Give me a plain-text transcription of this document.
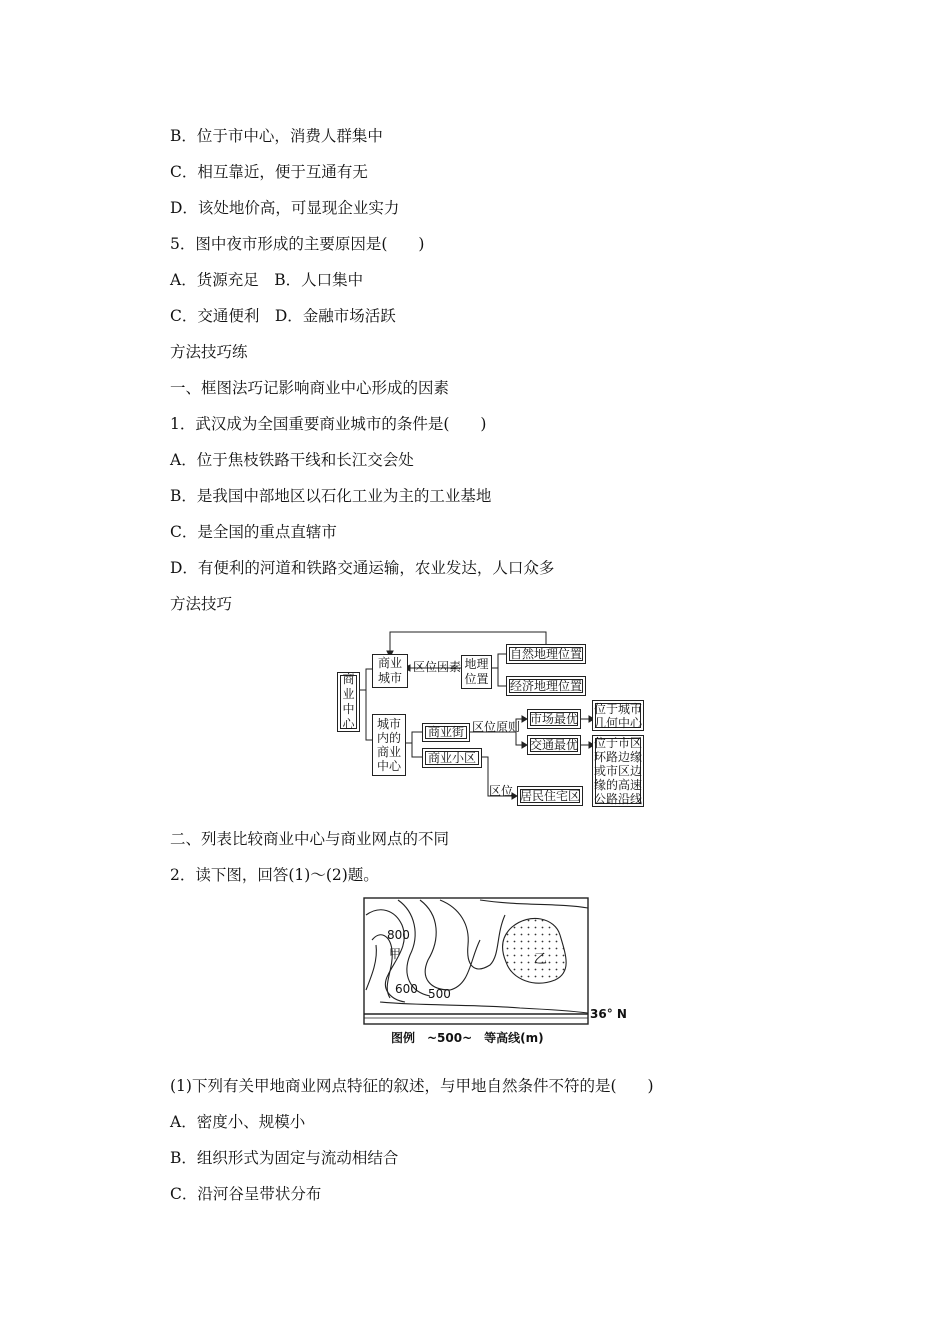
B．位于市中心，消费人群集中
C．相互靠近，便于互通有无
D．该处地价高，可显现企业实力
5．图中夜市形成的主要原因是(　　)
A．货源充足　B．人口集中
C．交通便利　D．金融市场活跃
方法技巧练
一、框图法巧记影响商业中心形成的因素
1．武汉成为全国重要商业城市的条件是(　　)
A．位于焦枝铁路干线和长江交会处
B．是我国中部地区以石化工业为主的工业基地
C．是全国的重点直辖市
D．有便利的河道和铁路交通运输，农业发达，人口众多
方法技巧
二、列表比较商业中心与商业网点的不同
2．读下图，回答(1)～(2)题。
(1)下列有关甲地商业网点特征的叙述，与甲地自然条件不符的是(　　)
A．密度小、规模小
B．组织形式为固定与流动相结合
C．沿河谷呈带状分布
商
业
中
心
商业
城市
区位因素 地理
位置
自然地理位置
经济地理位置
城市
内的
商业
中心
商业街 区位原则
市场最优
位于城市
几何中心
交通最优 位于市区
环路边缘
或市区边
缘的高速
公路沿线
商业小区
区位 居民住宅区
800
甲
600 500
乙
36° N
图例　~500~　等高线(m)
